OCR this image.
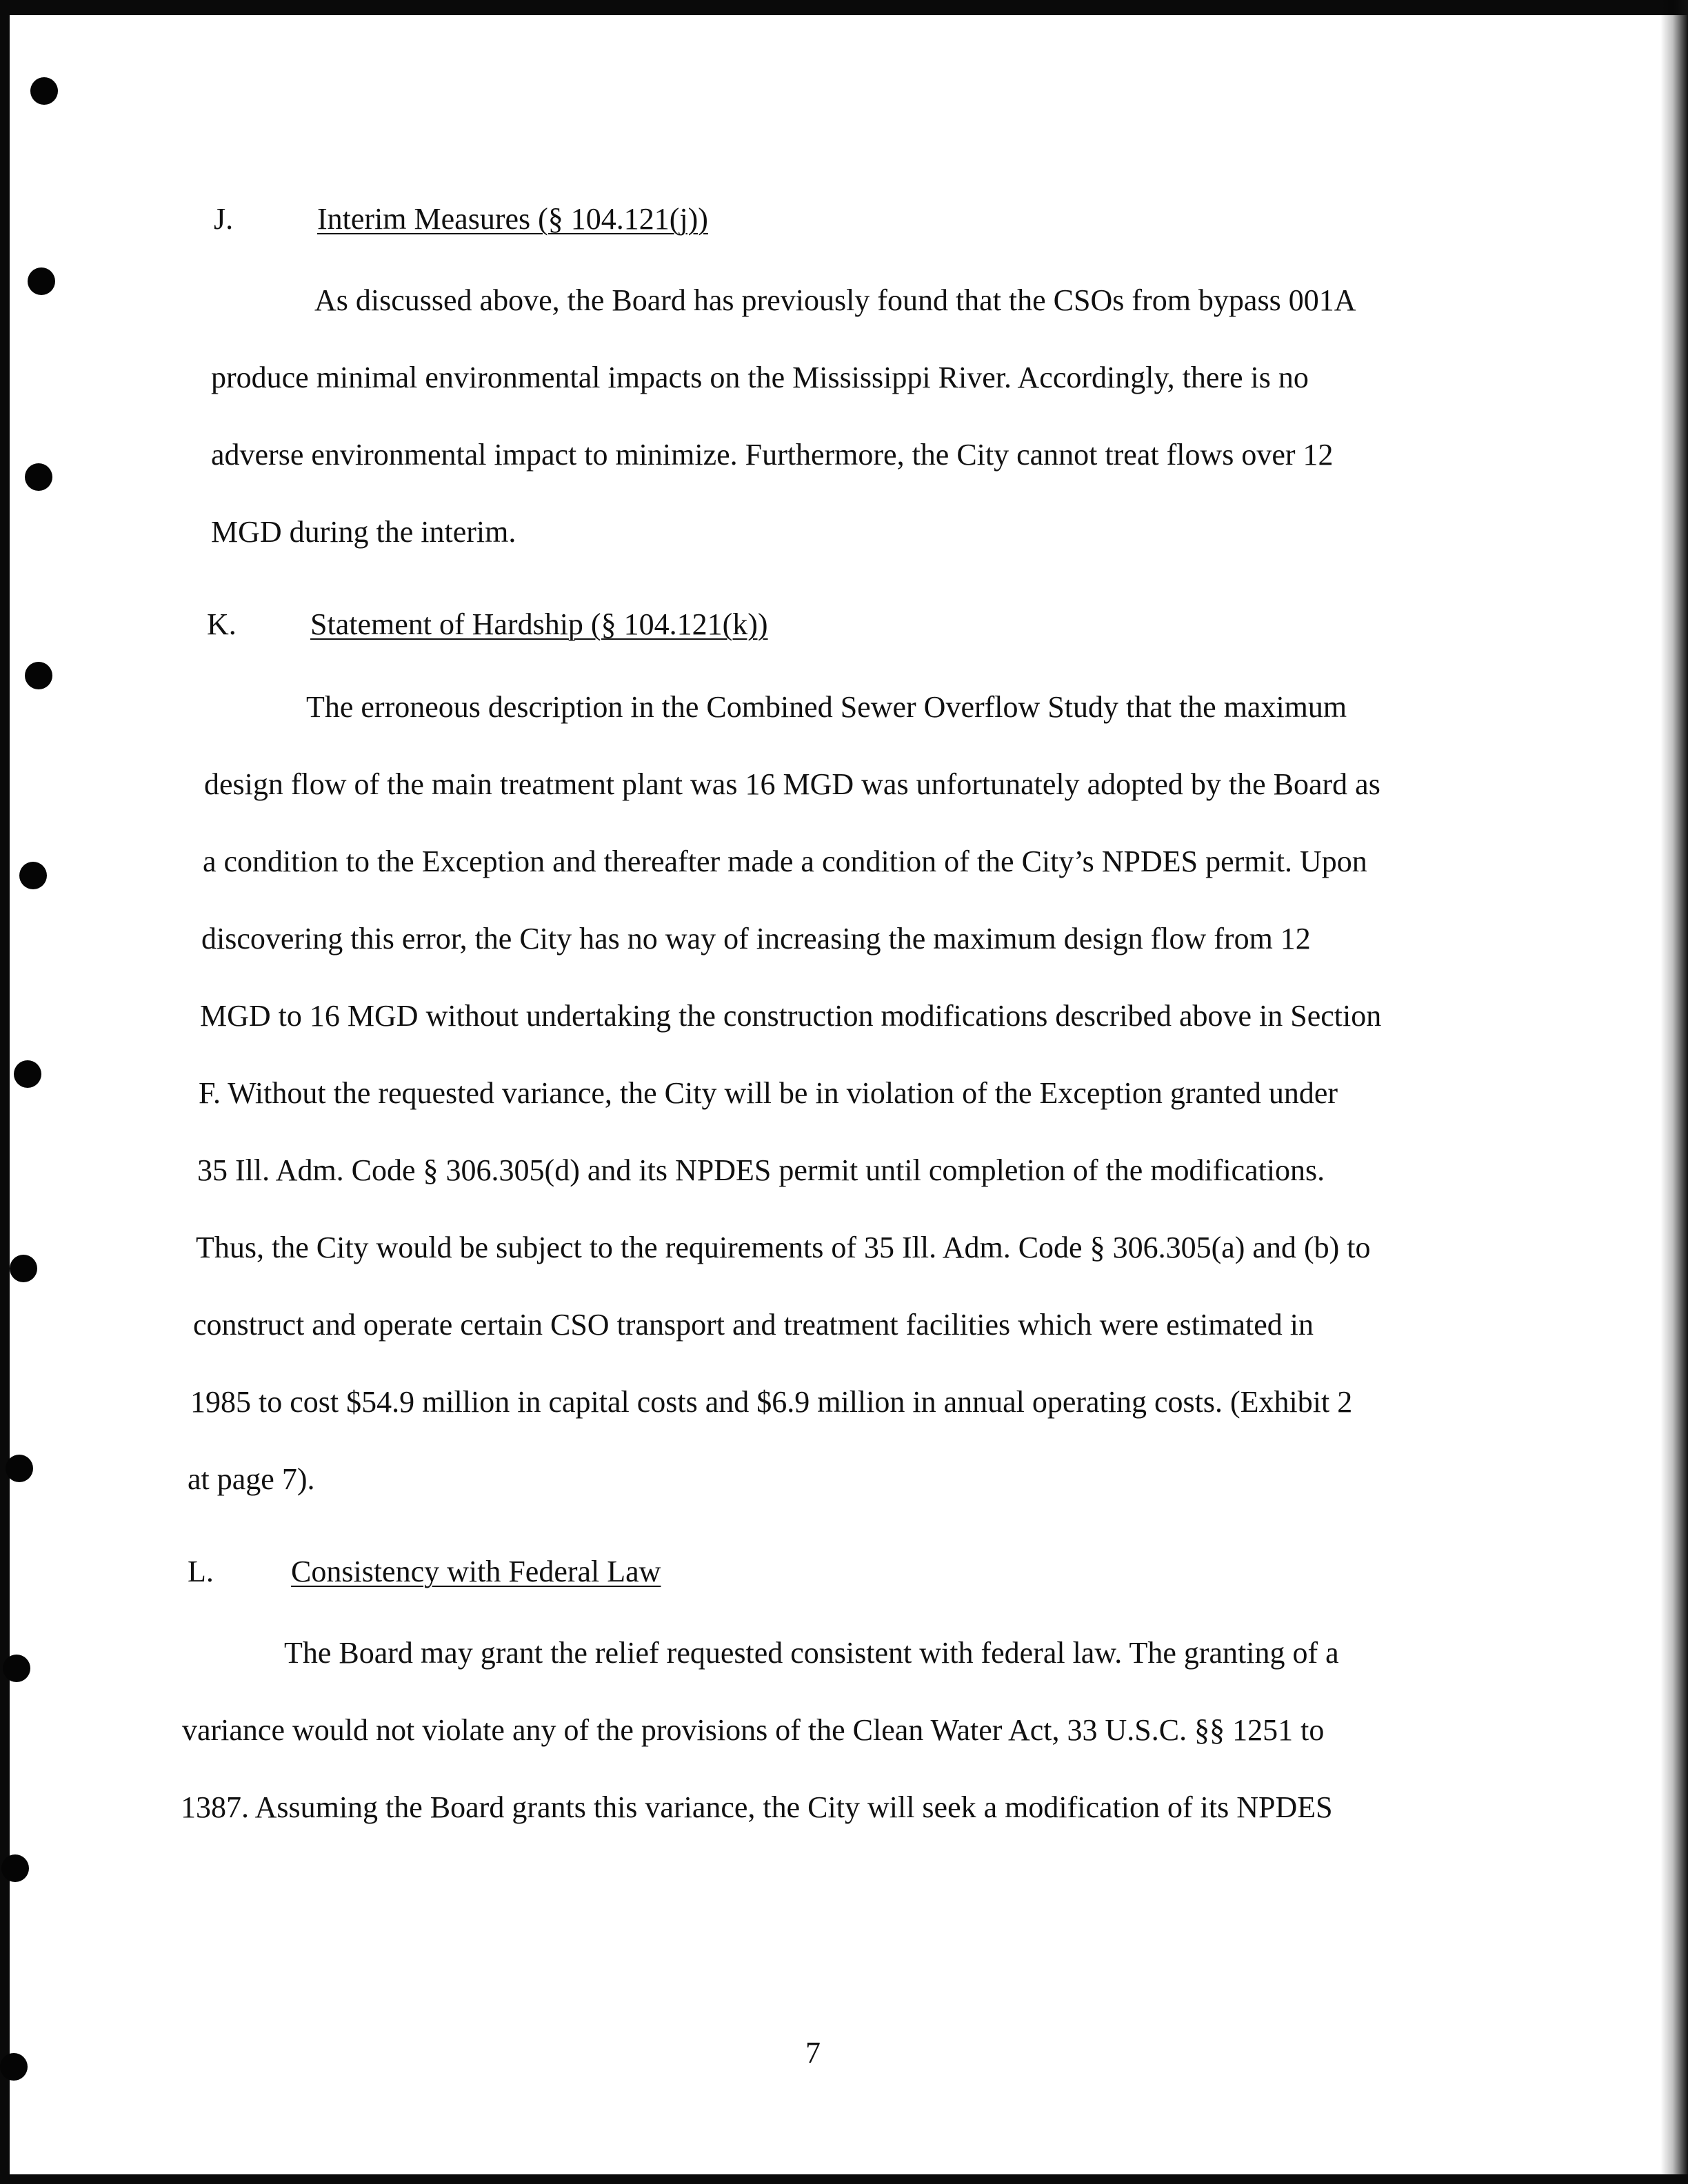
J.	Interim Measures (§ 104.121(j))
As discussed above, the Board has previously found that the CSOs from bypass 001A
produce minimal environmental impacts on the Mississippi River. Accordingly, there is no
adverse environmental impact to minimize. Furthermore, the City cannot treat flows over 12
MGD during the interim.
K. Statement of Hardship (§ 104.121(k))
The erroneous description in the Combined Sewer Overflow Study that the maximum
design flow of the main treatment plant was 16 MGD was unfortunately adopted by the Board as
a condition to the Exception and thereafter made a condition of the City’s NPDES permit. Upon
discovering this error, the City has no way of increasing the maximum design flow from 12
MGD to 16 MGD without undertaking the construction modifications described above in Section
F. Without the requested variance, the City will be in violation of the Exception granted under
35 Ill. Adm. Code § 306.305(d) and its NPDES permit until completion of the modifications.
Thus, the City would be subject to the requirements of 35 Ill. Adm. Code § 306.305(a) and (b) to
construct and operate certain CSO transport and treatment facilities which were estimated in
1985 to cost $54.9 million in capital costs and $6.9 million in annual operating costs. (Exhibit 2
at page 7).
L.	Consistency with Federal Law
The Board may grant the relief requested consistent with federal law. The granting of a
variance would not violate any of the provisions of the Clean Water Act, 33 U.S.C. §§ 1251 to
1387. Assuming the Board grants this variance, the City will seek a modification of its NPDES
7
